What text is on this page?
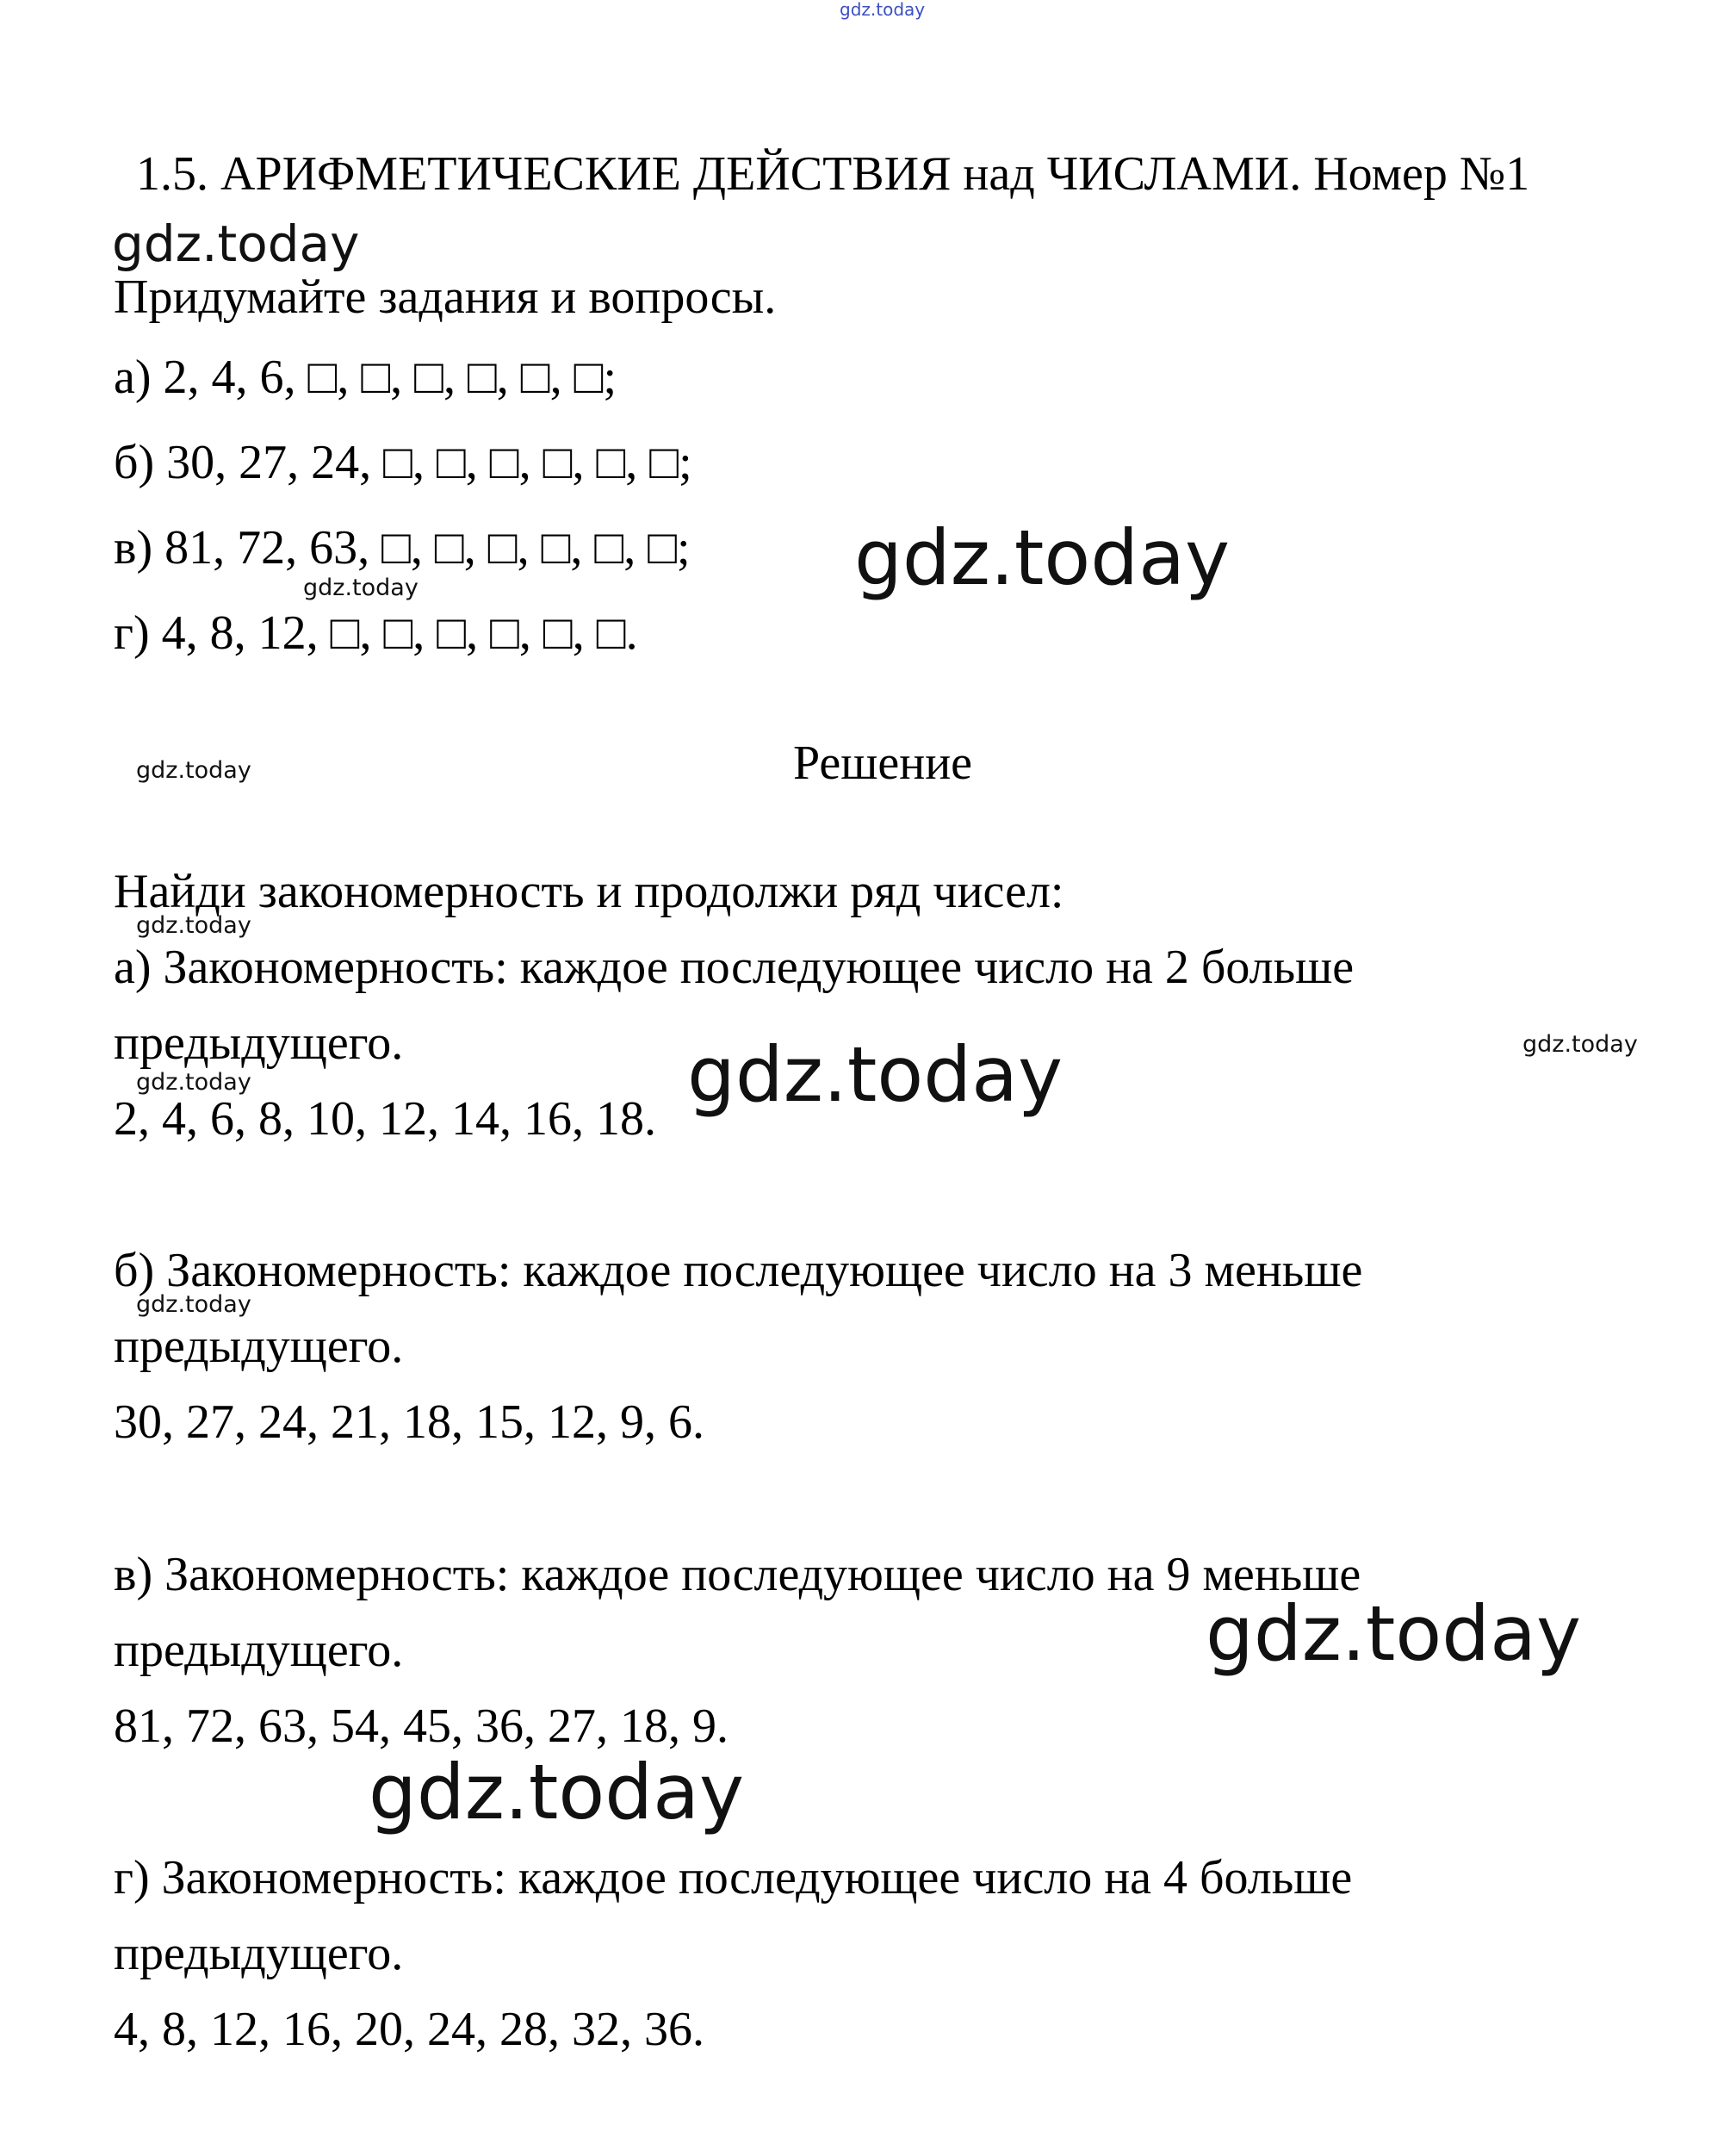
gdz.today
gdz.today
gdz.today
gdz.today
gdz.today
gdz.today
gdz.today
gdz.today	gdz.today
gdz.today
gdz.today
gdz.today
1.5. АРИФМЕТИЧЕСКИЕ ДЕЙСТВИЯ над ЧИСЛАМИ. Номер №1

Придумайте задания и вопросы.

а) 2, 4, 6, □, □, □, □, □, □;

б) 30, 27, 24, □, □, □, □, □, □;

в) 81, 72, 63, □, □, □, □, □, □;

г) 4, 8, 12, □, □, □, □, □, □.

Решение

Найди закономерность и продолжи ряд чисел:

а) Закономерность: каждое последующее число на 2 больше

предыдущего.

2, 4, 6, 8, 10, 12, 14, 16, 18.

б) Закономерность: каждое последующее число на 3 меньше

предыдущего.

30, 27, 24, 21, 18, 15, 12, 9, 6.

в) Закономерность: каждое последующее число на 9 меньше

предыдущего.

81, 72, 63, 54, 45, 36, 27, 18, 9.

г) Закономерность: каждое последующее число на 4 больше

предыдущего.

4, 8, 12, 16, 20, 24, 28, 32, 36.
